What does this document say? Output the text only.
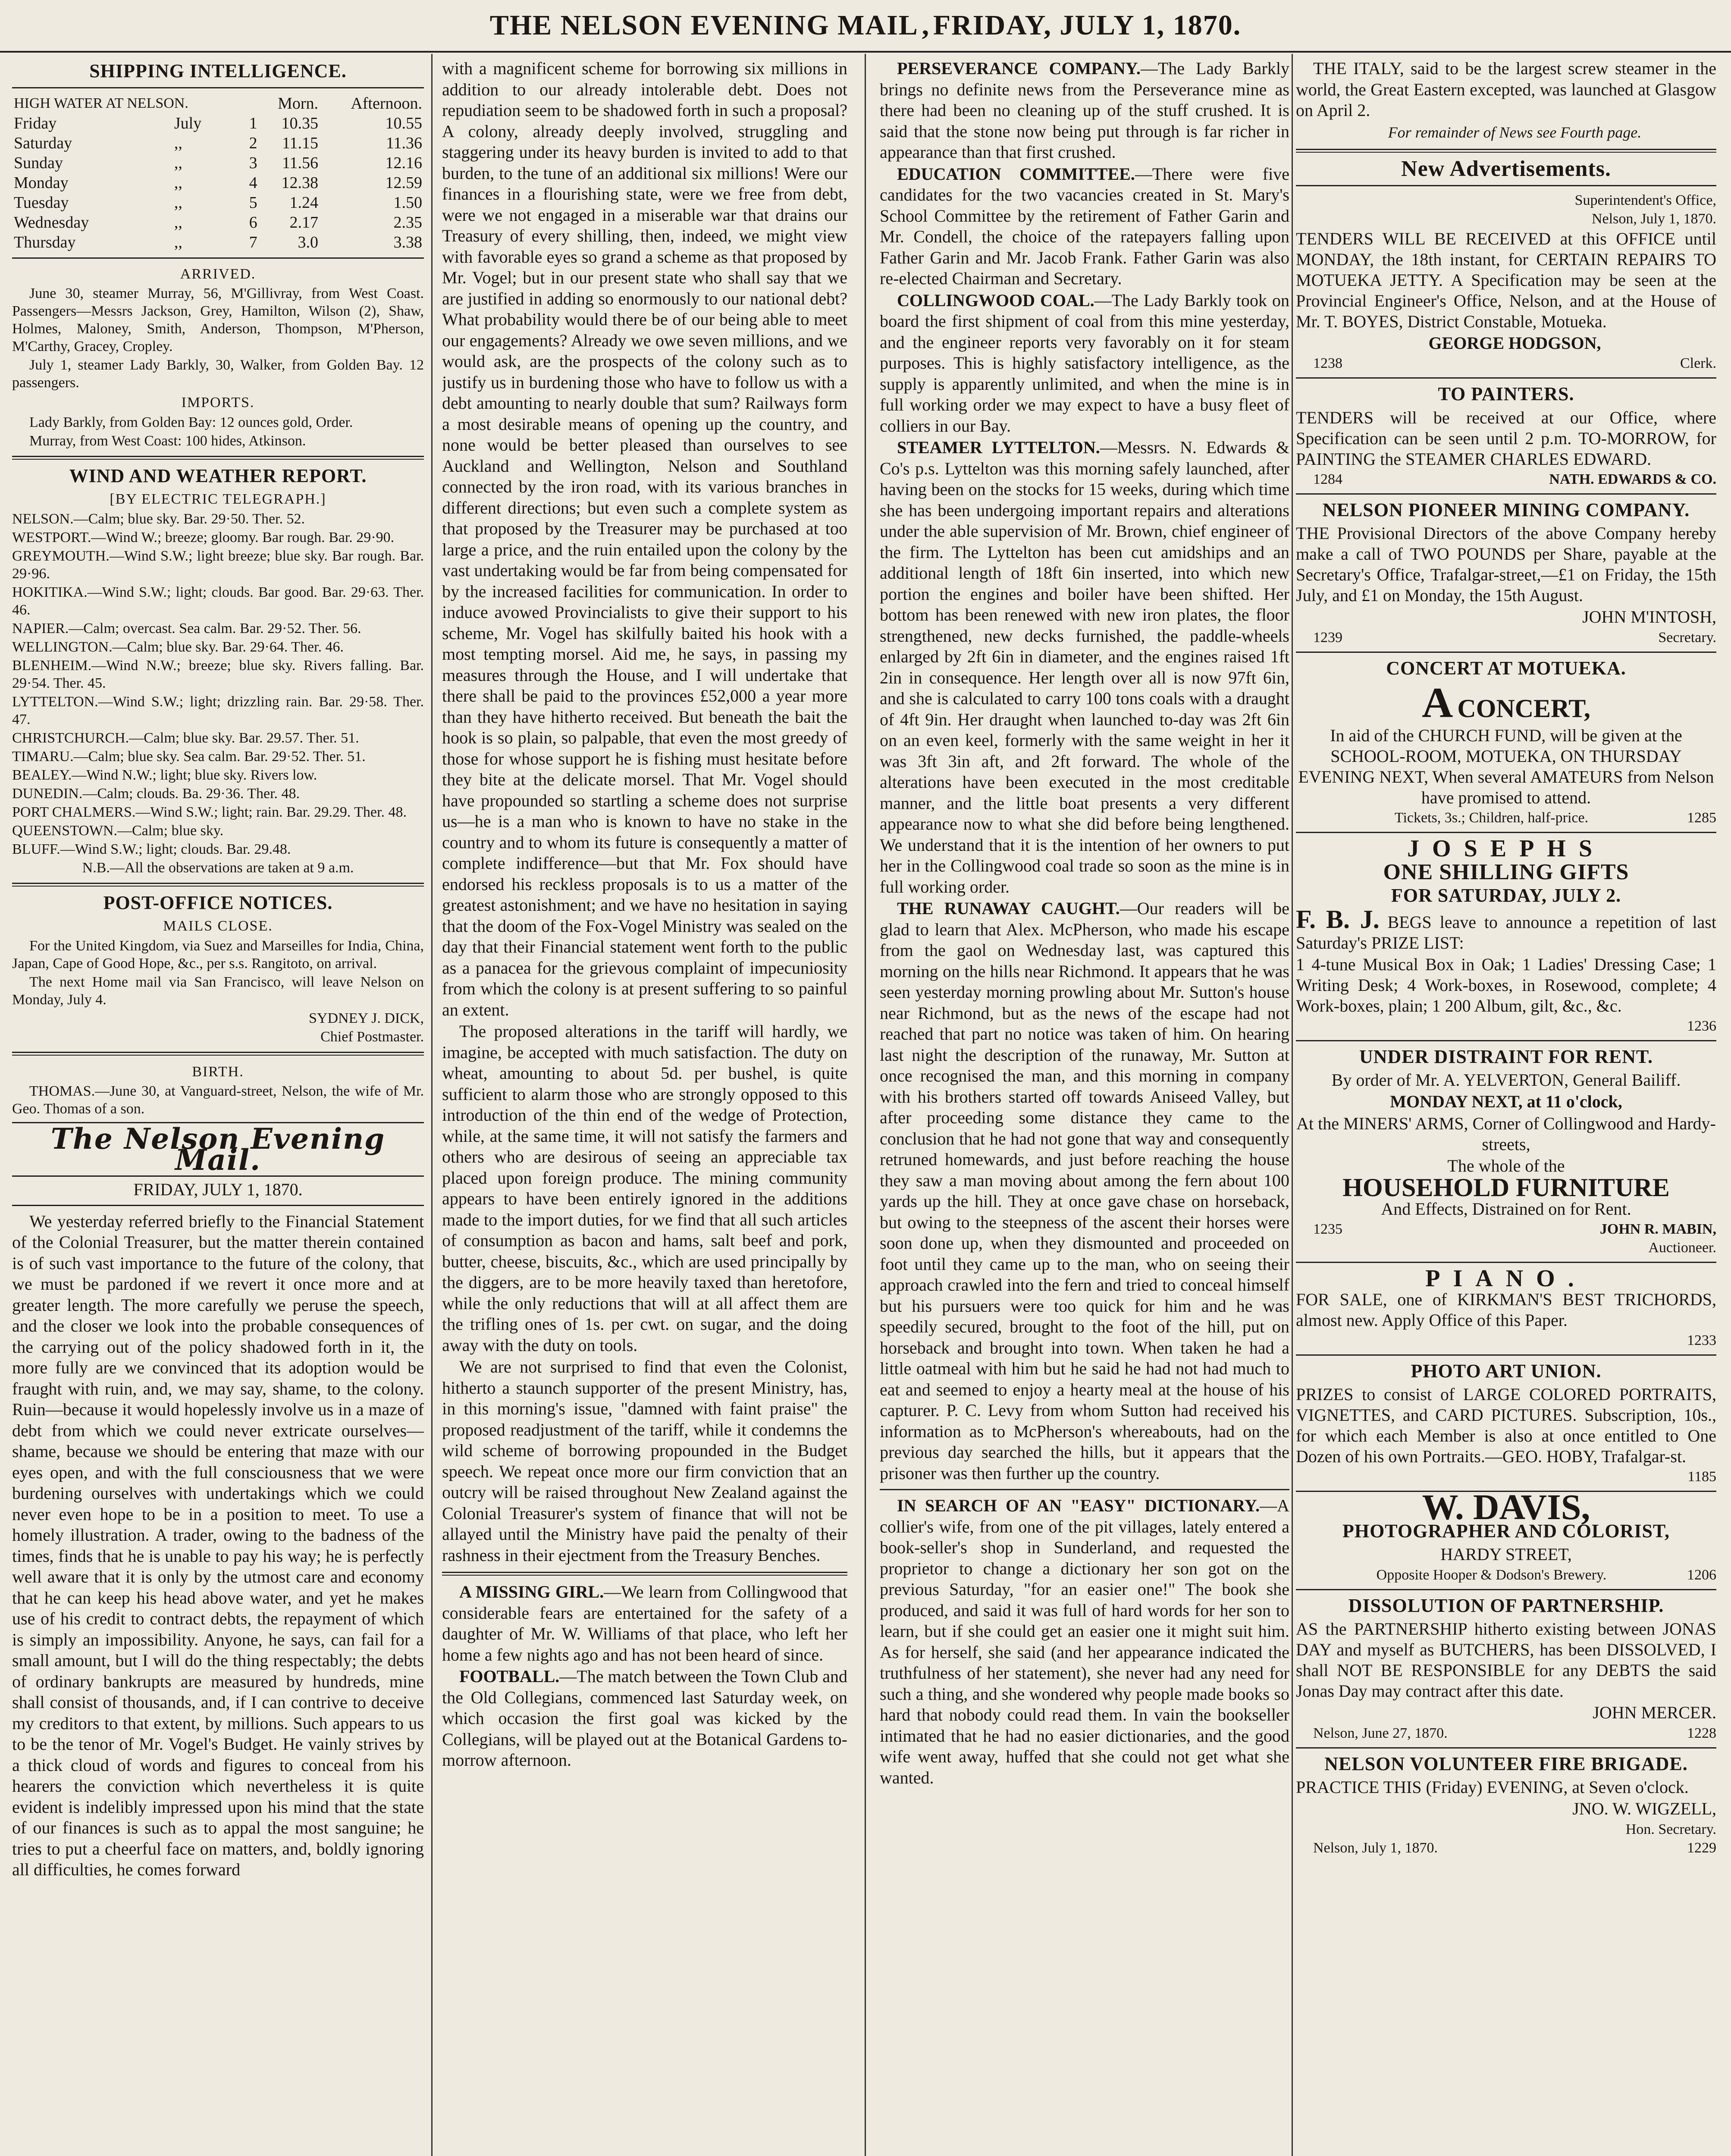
THE NELSON EVENING MAIL , FRIDAY, JULY 1, 1870.
SHIPPING INTELLIGENCE.
HIGH WATER AT NELSON.			Morn.	Afternoon.
Friday	July	1	10.35	10.55
Saturday	,,	2	11.15	11.36
Sunday	,,	3	11.56	12.16
Monday	,,	4	12.38	12.59
Tuesday	,,	5	1.24	1.50
Wednesday	,,	6	2.17	2.35
Thursday	,,	7	3.0	3.38
ARRIVED.

June 30, steamer Murray, 56, M'Gillivray, from West Coast. Passengers—Messrs Jackson, Grey, Hamilton, Wilson (2), Shaw, Holmes, Maloney, Smith, Anderson, Thompson, M'Pherson, M'Carthy, Gracey, Cropley.

July 1, steamer Lady Barkly, 30, Walker, from Golden Bay. 12 passengers.

IMPORTS.

Lady Barkly, from Golden Bay: 12 ounces gold, Order.

Murray, from West Coast: 100 hides, Atkinson.

WIND AND WEATHER REPORT.
[BY ELECTRIC TELEGRAPH.]

NELSON.—Calm; blue sky. Bar. 29·50. Ther. 52.

WESTPORT.—Wind W.; breeze; gloomy. Bar rough. Bar. 29·90.

GREYMOUTH.—Wind S.W.; light breeze; blue sky. Bar rough. Bar. 29·96.

HOKITIKA.—Wind S.W.; light; clouds. Bar good. Bar. 29·63. Ther. 46.

NAPIER.—Calm; overcast. Sea calm. Bar. 29·52. Ther. 56.

WELLINGTON.—Calm; blue sky. Bar. 29·64. Ther. 46.

BLENHEIM.—Wind N.W.; breeze; blue sky. Rivers falling. Bar. 29·54. Ther. 45.

LYTTELTON.—Wind S.W.; light; drizzling rain. Bar. 29·58. Ther. 47.

CHRISTCHURCH.—Calm; blue sky. Bar. 29.57. Ther. 51.

TIMARU.—Calm; blue sky. Sea calm. Bar. 29·52. Ther. 51.

BEALEY.—Wind N.W.; light; blue sky. Rivers low.

DUNEDIN.—Calm; clouds. Ba. 29·36. Ther. 48.

PORT CHALMERS.—Wind S.W.; light; rain. Bar. 29.29. Ther. 48.

QUEENSTOWN.—Calm; blue sky.

BLUFF.—Wind S.W.; light; clouds. Bar. 29.48.

N.B.—All the observations are taken at 9 a.m.

POST-OFFICE NOTICES.
MAILS CLOSE.

For the United Kingdom, via Suez and Marseilles for India, China, Japan, Cape of Good Hope, &c., per s.s. Rangitoto, on arrival.

The next Home mail via San Francisco, will leave Nelson on Monday, July 4.

SYDNEY J. DICK,

Chief Postmaster.

BIRTH.

THOMAS.—June 30, at Vanguard-street, Nelson, the wife of Mr. Geo. Thomas of a son.

The Nelson Evening Mail.
FRIDAY, JULY 1, 1870.

We yesterday referred briefly to the Financial Statement of the Colonial Treasurer, but the matter therein contained is of such vast importance to the future of the colony, that we must be pardoned if we revert it once more and at greater length. The more carefully we peruse the speech, and the closer we look into the probable consequences of the carrying out of the policy shadowed forth in it, the more fully are we convinced that its adoption would be fraught with ruin, and, we may say, shame, to the colony. Ruin—because it would hopelessly involve us in a maze of debt from which we could never extricate ourselves—shame, because we should be entering that maze with our eyes open, and with the full consciousness that we were burdening ourselves with undertakings which we could never even hope to be in a position to meet. To use a homely illustration. A trader, owing to the badness of the times, finds that he is unable to pay his way; he is perfectly well aware that it is only by the utmost care and economy that he can keep his head above water, and yet he makes use of his credit to contract debts, the repayment of which is simply an impossibility. Anyone, he says, can fail for a small amount, but I will do the thing respectably; the debts of ordinary bankrupts are measured by hundreds, mine shall consist of thousands, and, if I can contrive to deceive my creditors to that extent, by millions. Such appears to us to be the tenor of Mr. Vogel's Budget. He vainly strives by a thick cloud of words and figures to conceal from his hearers the conviction which nevertheless it is quite evident is indelibly impressed upon his mind that the state of our finances is such as to appal the most sanguine; he tries to put a cheerful face on matters, and, boldly ignoring all difficulties, he comes forward

with a magnificent scheme for borrowing six millions in addition to our already intolerable debt. Does not repudiation seem to be shadowed forth in such a proposal? A colony, already deeply involved, struggling and staggering under its heavy burden is invited to add to that burden, to the tune of an additional six millions! Were our finances in a flourishing state, were we free from debt, were we not engaged in a miserable war that drains our Treasury of every shilling, then, indeed, we might view with favorable eyes so grand a scheme as that proposed by Mr. Vogel; but in our present state who shall say that we are justified in adding so enormously to our national debt? What probability would there be of our being able to meet our engagements? Already we owe seven millions, and we would ask, are the prospects of the colony such as to justify us in burdening those who have to follow us with a debt amounting to nearly double that sum? Railways form a most desirable means of opening up the country, and none would be better pleased than ourselves to see Auckland and Wellington, Nelson and Southland connected by the iron road, with its various branches in different directions; but even such a complete system as that proposed by the Treasurer may be purchased at too large a price, and the ruin entailed upon the colony by the vast undertaking would be far from being compensated for by the increased facilities for communication. In order to induce avowed Provincialists to give their support to his scheme, Mr. Vogel has skilfully baited his hook with a most tempting morsel. Aid me, he says, in passing my measures through the House, and I will undertake that there shall be paid to the provinces £52,000 a year more than they have hitherto received. But beneath the bait the hook is so plain, so palpable, that even the most greedy of those for whose support he is fishing must hesitate before they bite at the delicate morsel. That Mr. Vogel should have propounded so startling a scheme does not surprise us—he is a man who is known to have no stake in the country and to whom its future is consequently a matter of complete indifference—but that Mr. Fox should have endorsed his reckless proposals is to us a matter of the greatest astonishment; and we have no hesitation in saying that the doom of the Fox-Vogel Ministry was sealed on the day that their Financial statement went forth to the public as a panacea for the grievous complaint of impecuniosity from which the colony is at present suffering to so painful an extent.

The proposed alterations in the tariff will hardly, we imagine, be accepted with much satisfaction. The duty on wheat, amounting to about 5d. per bushel, is quite sufficient to alarm those who are strongly opposed to this introduction of the thin end of the wedge of Protection, while, at the same time, it will not satisfy the farmers and others who are desirous of seeing an appreciable tax placed upon foreign produce. The mining community appears to have been entirely ignored in the additions made to the import duties, for we find that all such articles of consumption as bacon and hams, salt beef and pork, butter, cheese, biscuits, &c., which are used principally by the diggers, are to be more heavily taxed than heretofore, while the only reductions that will at all affect them are the trifling ones of 1s. per cwt. on sugar, and the doing away with the duty on tools.

We are not surprised to find that even the Colonist, hitherto a staunch supporter of the present Ministry, has, in this morning's issue, "damned with faint praise" the proposed readjustment of the tariff, while it condemns the wild scheme of borrowing propounded in the Budget speech. We repeat once more our firm conviction that an outcry will be raised throughout New Zealand against the Colonial Treasurer's system of finance that will not be allayed until the Ministry have paid the penalty of their rashness in their ejectment from the Treasury Benches.

A MISSING GIRL.—We learn from Collingwood that considerable fears are entertained for the safety of a daughter of Mr. W. Williams of that place, who left her home a few nights ago and has not been heard of since.

FOOTBALL.—The match between the Town Club and the Old Collegians, commenced last Saturday week, on which occasion the first goal was kicked by the Collegians, will be played out at the Botanical Gardens to-morrow afternoon.

PERSEVERANCE COMPANY.—The Lady Barkly brings no definite news from the Perseverance mine as there had been no cleaning up of the stuff crushed. It is said that the stone now being put through is far richer in appearance than that first crushed.

EDUCATION COMMITTEE.—There were five candidates for the two vacancies created in St. Mary's School Committee by the retirement of Father Garin and Mr. Condell, the choice of the ratepayers falling upon Father Garin and Mr. Jacob Frank. Father Garin was also re-elected Chairman and Secretary.

COLLINGWOOD COAL.—The Lady Barkly took on board the first shipment of coal from this mine yesterday, and the engineer reports very favorably on it for steam purposes. This is highly satisfactory intelligence, as the supply is apparently unlimited, and when the mine is in full working order we may expect to have a busy fleet of colliers in our Bay.

STEAMER LYTTELTON.—Messrs. N. Edwards & Co's p.s. Lyttelton was this morning safely launched, after having been on the stocks for 15 weeks, during which time she has been undergoing important repairs and alterations under the able supervision of Mr. Brown, chief engineer of the firm. The Lyttelton has been cut amidships and an additional length of 18ft 6in inserted, into which new portion the engines and boiler have been shifted. Her bottom has been renewed with new iron plates, the floor strengthened, new decks furnished, the paddle-wheels enlarged by 2ft 6in in diameter, and the engines raised 1ft 2in in consequence. Her length over all is now 97ft 6in, and she is calculated to carry 100 tons coals with a draught of 4ft 9in. Her draught when launched to-day was 2ft 6in on an even keel, formerly with the same weight in her it was 3ft 3in aft, and 2ft forward. The whole of the alterations have been executed in the most creditable manner, and the little boat presents a very different appearance now to what she did before being lengthened. We understand that it is the intention of her owners to put her in the Collingwood coal trade so soon as the mine is in full working order.

THE RUNAWAY CAUGHT.—Our readers will be glad to learn that Alex. McPherson, who made his escape from the gaol on Wednesday last, was captured this morning on the hills near Richmond. It appears that he was seen yesterday morning prowling about Mr. Sutton's house near Richmond, but as the news of the escape had not reached that part no notice was taken of him. On hearing last night the description of the runaway, Mr. Sutton at once recognised the man, and this morning in company with his brothers started off towards Aniseed Valley, but after proceeding some distance they came to the conclusion that he had not gone that way and consequently retruned homewards, and just before reaching the house they saw a man moving about among the fern about 100 yards up the hill. They at once gave chase on horseback, but owing to the steepness of the ascent their horses were soon done up, when they dismounted and proceeded on foot until they came up to the man, who on seeing their approach crawled into the fern and tried to conceal himself but his pursuers were too quick for him and he was speedily secured, brought to the foot of the hill, put on horseback and brought into town. When taken he had a little oatmeal with him but he said he had not had much to eat and seemed to enjoy a hearty meal at the house of his capturer. P. C. Levy from whom Sutton had received his information as to McPherson's whereabouts, had on the previous day searched the hills, but it appears that the prisoner was then further up the country.

IN SEARCH OF AN "EASY" DICTIONARY.—A collier's wife, from one of the pit villages, lately entered a book-seller's shop in Sunderland, and requested the proprietor to change a dictionary her son got on the previous Saturday, "for an easier one!" The book she produced, and said it was full of hard words for her son to learn, but if she could get an easier one it might suit him. As for herself, she said (and her appearance indicated the truthfulness of her statement), she never had any need for such a thing, and she wondered why people made books so hard that nobody could read them. In vain the bookseller intimated that he had no easier dictionaries, and the good wife went away, huffed that she could not get what she wanted.

THE ITALY, said to be the largest screw steamer in the world, the Great Eastern excepted, was launched at Glasgow on April 2.

For remainder of News see Fourth page.

New Advertisements.

Superintendent's Office,

Nelson, July 1, 1870.

TENDERS WILL BE RECEIVED at this OFFICE until MONDAY, the 18th instant, for CERTAIN REPAIRS TO MOTUEKA JETTY. A Specification may be seen at the Provincial Engineer's Office, Nelson, and at the House of Mr. T. BOYES, District Constable, Motueka.

GEORGE HODGSON,

1238	Clerk.

TO PAINTERS.

TENDERS will be received at our Office, where Specification can be seen until 2 p.m. TO-MORROW, for PAINTING the STEAMER CHARLES EDWARD.

1284	NATH. EDWARDS & CO.

NELSON PIONEER MINING COMPANY.

THE Provisional Directors of the above Company hereby make a call of TWO POUNDS per Share, payable at the Secretary's Office, Trafalgar-street,—£1 on Friday, the 15th July, and £1 on Monday, the 15th August.

JOHN M'INTOSH,

1239	Secretary.

CONCERT AT MOTUEKA.

A CONCERT,

In aid of the CHURCH FUND, will be given at the SCHOOL-ROOM, MOTUEKA, ON THURSDAY EVENING NEXT, When several AMATEURS from Nelson have promised to attend.

Tickets, 3s.; Children, half-price.	1285

JOSEPHS
ONE SHILLING GIFTS
FOR SATURDAY, JULY 2.

F. B. J. BEGS leave to announce a repetition of last Saturday's PRIZE LIST:

1 4-tune Musical Box in Oak; 1 Ladies' Dressing Case; 1 Writing Desk; 4 Work-boxes, in Rosewood, complete; 4 Work-boxes, plain; 1 200 Album, gilt, &c., &c.

1236

UNDER DISTRAINT FOR RENT.

By order of Mr. A. YELVERTON, General Bailiff.

MONDAY NEXT, at 11 o'clock,

At the MINERS' ARMS, Corner of Collingwood and Hardy-streets,

The whole of the

HOUSEHOLD FURNITURE

And Effects, Distrained on for Rent.

1235	JOHN R. MABIN,

Auctioneer.

PIANO.

FOR SALE, one of KIRKMAN'S BEST TRICHORDS, almost new. Apply Office of this Paper.

1233

PHOTO ART UNION.

PRIZES to consist of LARGE COLORED PORTRAITS, VIGNETTES, and CARD PICTURES. Subscription, 10s., for which each Member is also at once entitled to One Dozen of his own Portraits.—GEO. HOBY, Trafalgar-st.

1185

W. DAVIS,
PHOTOGRAPHER AND COLORIST,

HARDY STREET,

Opposite Hooper & Dodson's Brewery.	1206

DISSOLUTION OF PARTNERSHIP.

AS the PARTNERSHIP hitherto existing between JONAS DAY and myself as BUTCHERS, has been DISSOLVED, I shall NOT BE RESPONSIBLE for any DEBTS the said Jonas Day may contract after this date.

JOHN MERCER.

Nelson, June 27, 1870.	1228

NELSON VOLUNTEER FIRE BRIGADE.

PRACTICE THIS (Friday) EVENING, at Seven o'clock.

JNO. W. WIGZELL,

Hon. Secretary.

Nelson, July 1, 1870.	1229
